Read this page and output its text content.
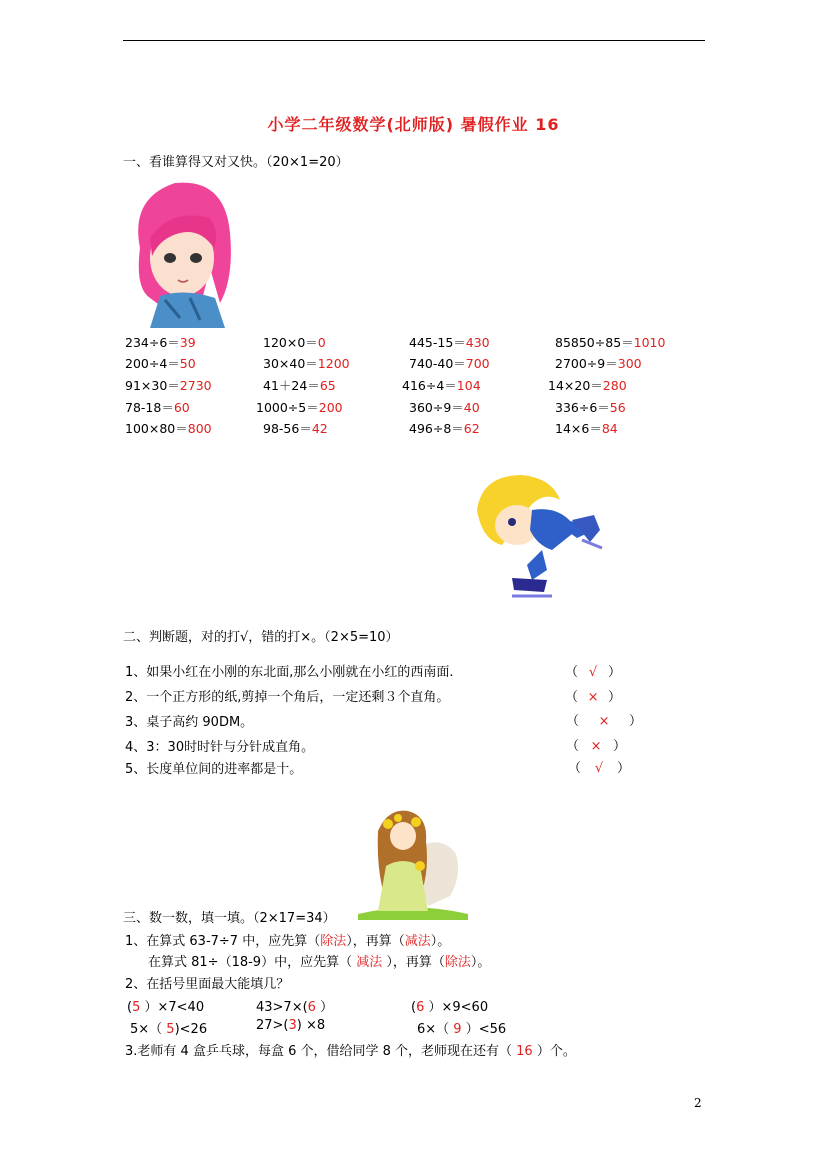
小学二年级数学(北师版) 暑假作业 16
一、看谁算得又对又快。（20×1=20）
234÷6＝39	120×0＝0	445-15＝430	85850÷85＝1010
200÷4＝50	30×40＝1200	740-40＝700	2700÷9＝300
91×30＝2730	41＋24＝65	416÷4＝104	14×20＝280
78-18＝60	1000÷5＝200	360÷9＝40	336÷6＝56
100×80＝800	98-56＝42	496÷8＝62	14×6＝84
二、判断题，对的打√，错的打×。（2×5=10）
1、如果小红在小刚的东北面,那么小刚就在小红的西南面.	（ √ ）
2、一个正方形的纸,剪掉一个角后，一定还剩３个直角。	（ × ）
3、桌子高约 90DM。	（ × ）
4、3：30时时针与分针成直角。	（ × ）
5、长度单位间的进率都是十。	（ √ ）
三、数一数，填一填。（2×17=34）
1、在算式 63-7÷7 中，应先算（除法），再算（减法）。
在算式 81÷（18-9）中，应先算（ 减法 ），再算（除法）。
2、在括号里面最大能填几？
(5 ）×7<40	43>7×(6 ）	(6 ）×9<60
5×（ 5)<26	27>(3) ×8	6×（ 9 ）<56
3.老师有 4 盒乒乓球，每盒 6 个，借给同学 8 个，老师现在还有（ 16 ）个。
2
